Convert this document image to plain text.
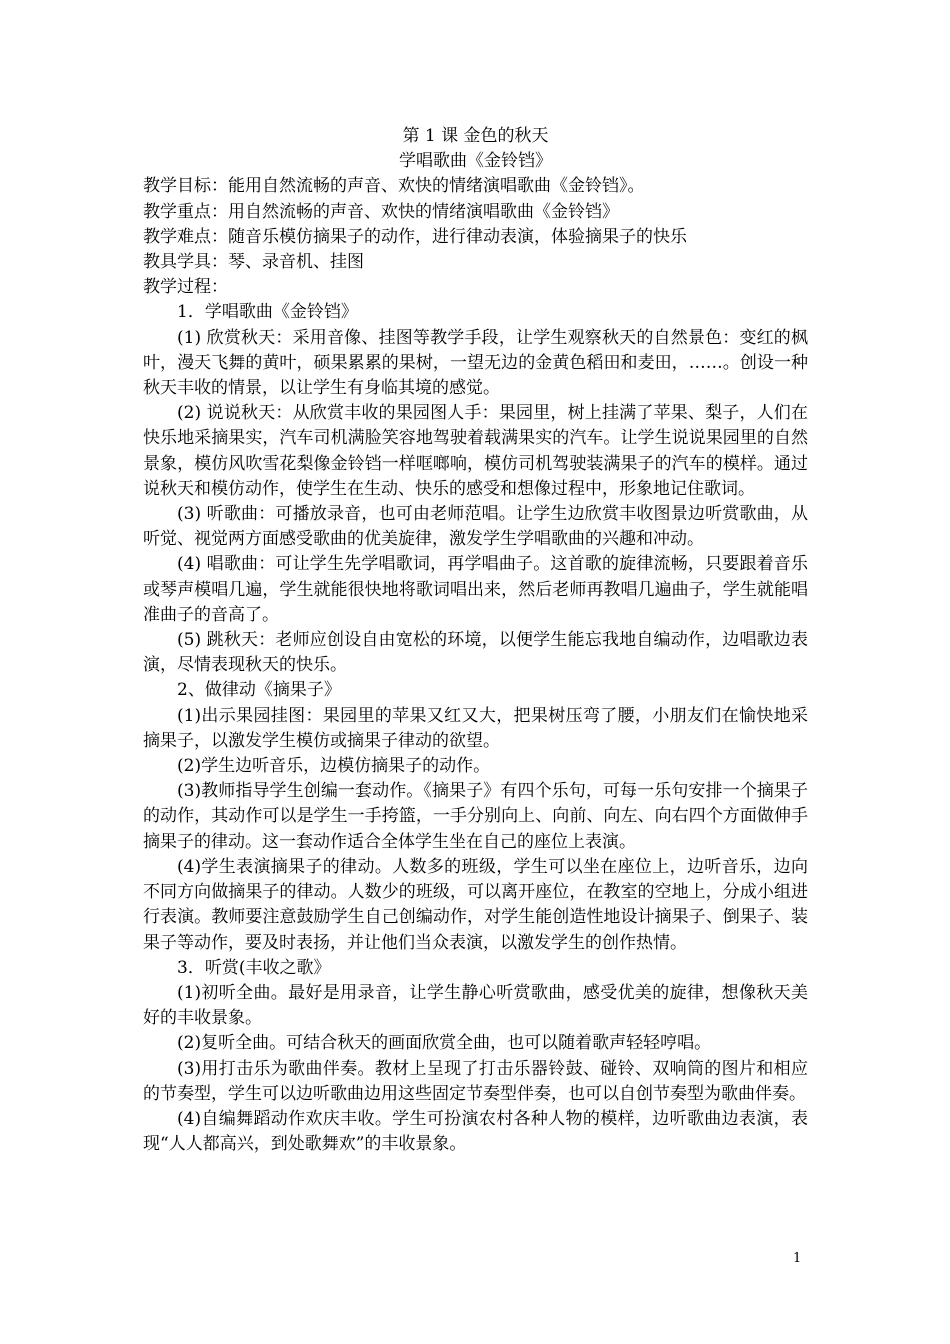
第 1 课 金色的秋天
学唱歌曲《金铃铛》
教学目标：能用自然流畅的声音、欢快的情绪演唱歌曲《金铃铛》。
教学重点：用自然流畅的声音、欢快的情绪演唱歌曲《金铃铛》
教学难点：随音乐模仿摘果子的动作，进行律动表演，体验摘果子的快乐
教具学具：琴、录音机、挂图
教学过程：
1．学唱歌曲《金铃铛》
(1) 欣赏秋天：采用音像、挂图等教学手段，让学生观察秋天的自然景色：变红的枫叶，漫天飞舞的黄叶，硕果累累的果树，一望无边的金黄色稻田和麦田，……。创设一种秋天丰收的情景，以让学生有身临其境的感觉。
(2) 说说秋天：从欣赏丰收的果园图人手：果园里，树上挂满了苹果、梨子，人们在快乐地采摘果实，汽车司机满脸笑容地驾驶着载满果实的汽车。让学生说说果园里的自然景象，模仿风吹雪花梨像金铃铛一样哐啷响，模仿司机驾驶装满果子的汽车的模样。通过说秋天和模仿动作，使学生在生动、快乐的感受和想像过程中，形象地记住歌词。
(3) 听歌曲：可播放录音，也可由老师范唱。让学生边欣赏丰收图景边听赏歌曲，从听觉、视觉两方面感受歌曲的优美旋律，激发学生学唱歌曲的兴趣和冲动。
(4) 唱歌曲：可让学生先学唱歌词，再学唱曲子。这首歌的旋律流畅，只要跟着音乐或琴声模唱几遍，学生就能很快地将歌词唱出来，然后老师再教唱几遍曲子，学生就能唱准曲子的音高了。
(5) 跳秋天：老师应创设自由宽松的环境，以便学生能忘我地自编动作，边唱歌边表演，尽情表现秋天的快乐。
2、做律动《摘果子》
(1)出示果园挂图：果园里的苹果又红又大，把果树压弯了腰，小朋友们在愉快地采摘果子，以激发学生模仿或摘果子律动的欲望。
(2)学生边听音乐，边模仿摘果子的动作。
(3)教师指导学生创编一套动作。《摘果子》有四个乐句，可每一乐句安排一个摘果子的动作，其动作可以是学生一手挎篮，一手分别向上、向前、向左、向右四个方面做伸手摘果子的律动。这一套动作适合全体学生坐在自己的座位上表演。
(4)学生表演摘果子的律动。人数多的班级，学生可以坐在座位上，边听音乐，边向不同方向做摘果子的律动。人数少的班级，可以离开座位，在教室的空地上，分成小组进行表演。教师要注意鼓励学生自己创编动作，对学生能创造性地设计摘果子、倒果子、装果子等动作，要及时表扬，并让他们当众表演，以激发学生的创作热情。
3．听赏(丰收之歌》
(1)初听全曲。最好是用录音，让学生静心听赏歌曲，感受优美的旋律，想像秋天美好的丰收景象。
(2)复听全曲。可结合秋天的画面欣赏全曲，也可以随着歌声轻轻哼唱。
(3)用打击乐为歌曲伴奏。教材上呈现了打击乐器铃鼓、碰铃、双响筒的图片和相应的节奏型，学生可以边听歌曲边用这些固定节奏型伴奏，也可以自创节奏型为歌曲伴奏。
(4)自编舞蹈动作欢庆丰收。学生可扮演农村各种人物的模样，边听歌曲边表演，表现“人人都高兴，到处歌舞欢”的丰收景象。
1
